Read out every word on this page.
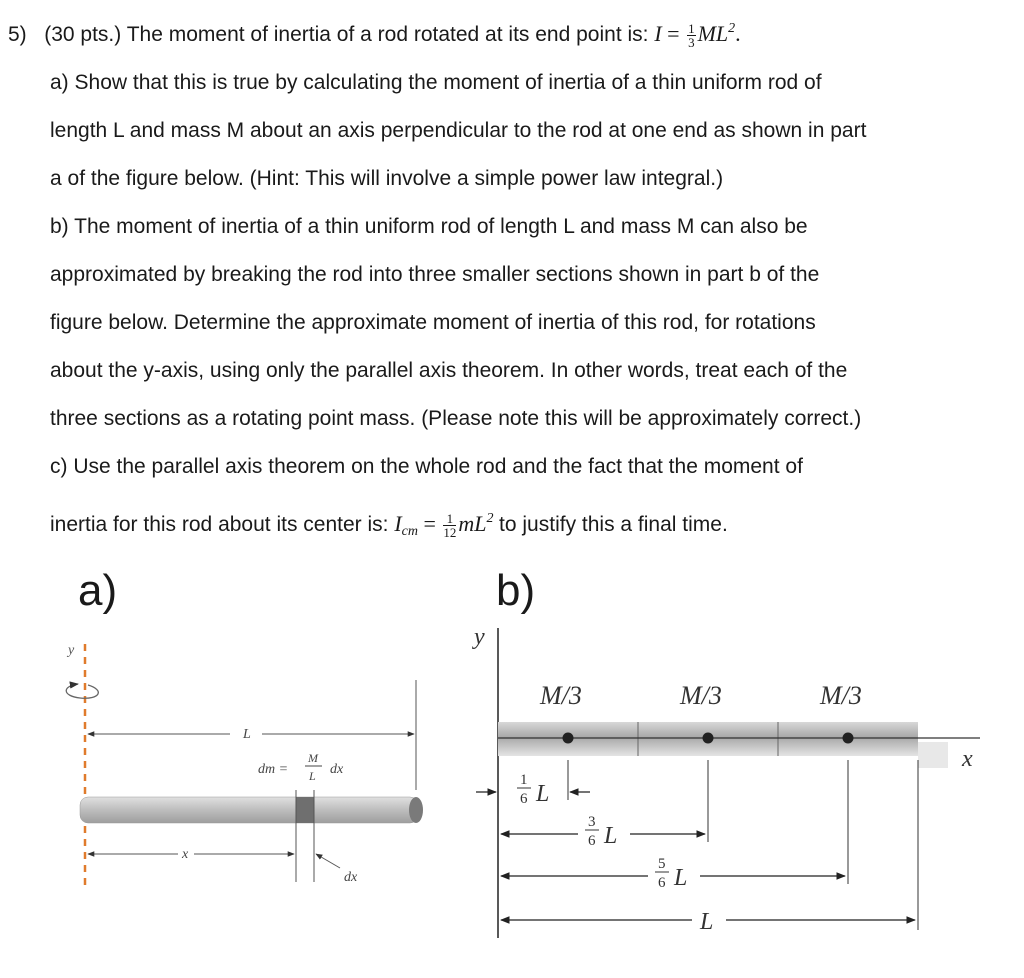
5) (30 pts.) The moment of inertia of a rod rotated at its end point is: $I = \frac{1}{3} ML^2$.
a) Show that this is true by calculating the moment of inertia of a thin uniform rod of
length L and mass M about an axis perpendicular to the rod at one end as shown in part
a of the figure below. (Hint: This will involve a simple power law integral.)
b) The moment of inertia of a thin uniform rod of length L and mass M can also be
approximated by breaking the rod into three smaller sections shown in part b of the
figure below. Determine the approximate moment of inertia of this rod, for rotations
about the y-axis, using only the parallel axis theorem. In other words, treat each of the
three sections as a rotating point mass. (Please note this will be approximately correct.)
c) Use the parallel axis theorem on the whole rod and the fact that the moment of
inertia for this rod about its center is: $I_{cm} = \frac{1}{12} mL^2$ to justify this a final time.
a)	b)
y
L
dm =
M
L dx
x
dx
y
M/3	M/3	M/3
x
1
6 L
3
6 L
5
6 L
L
